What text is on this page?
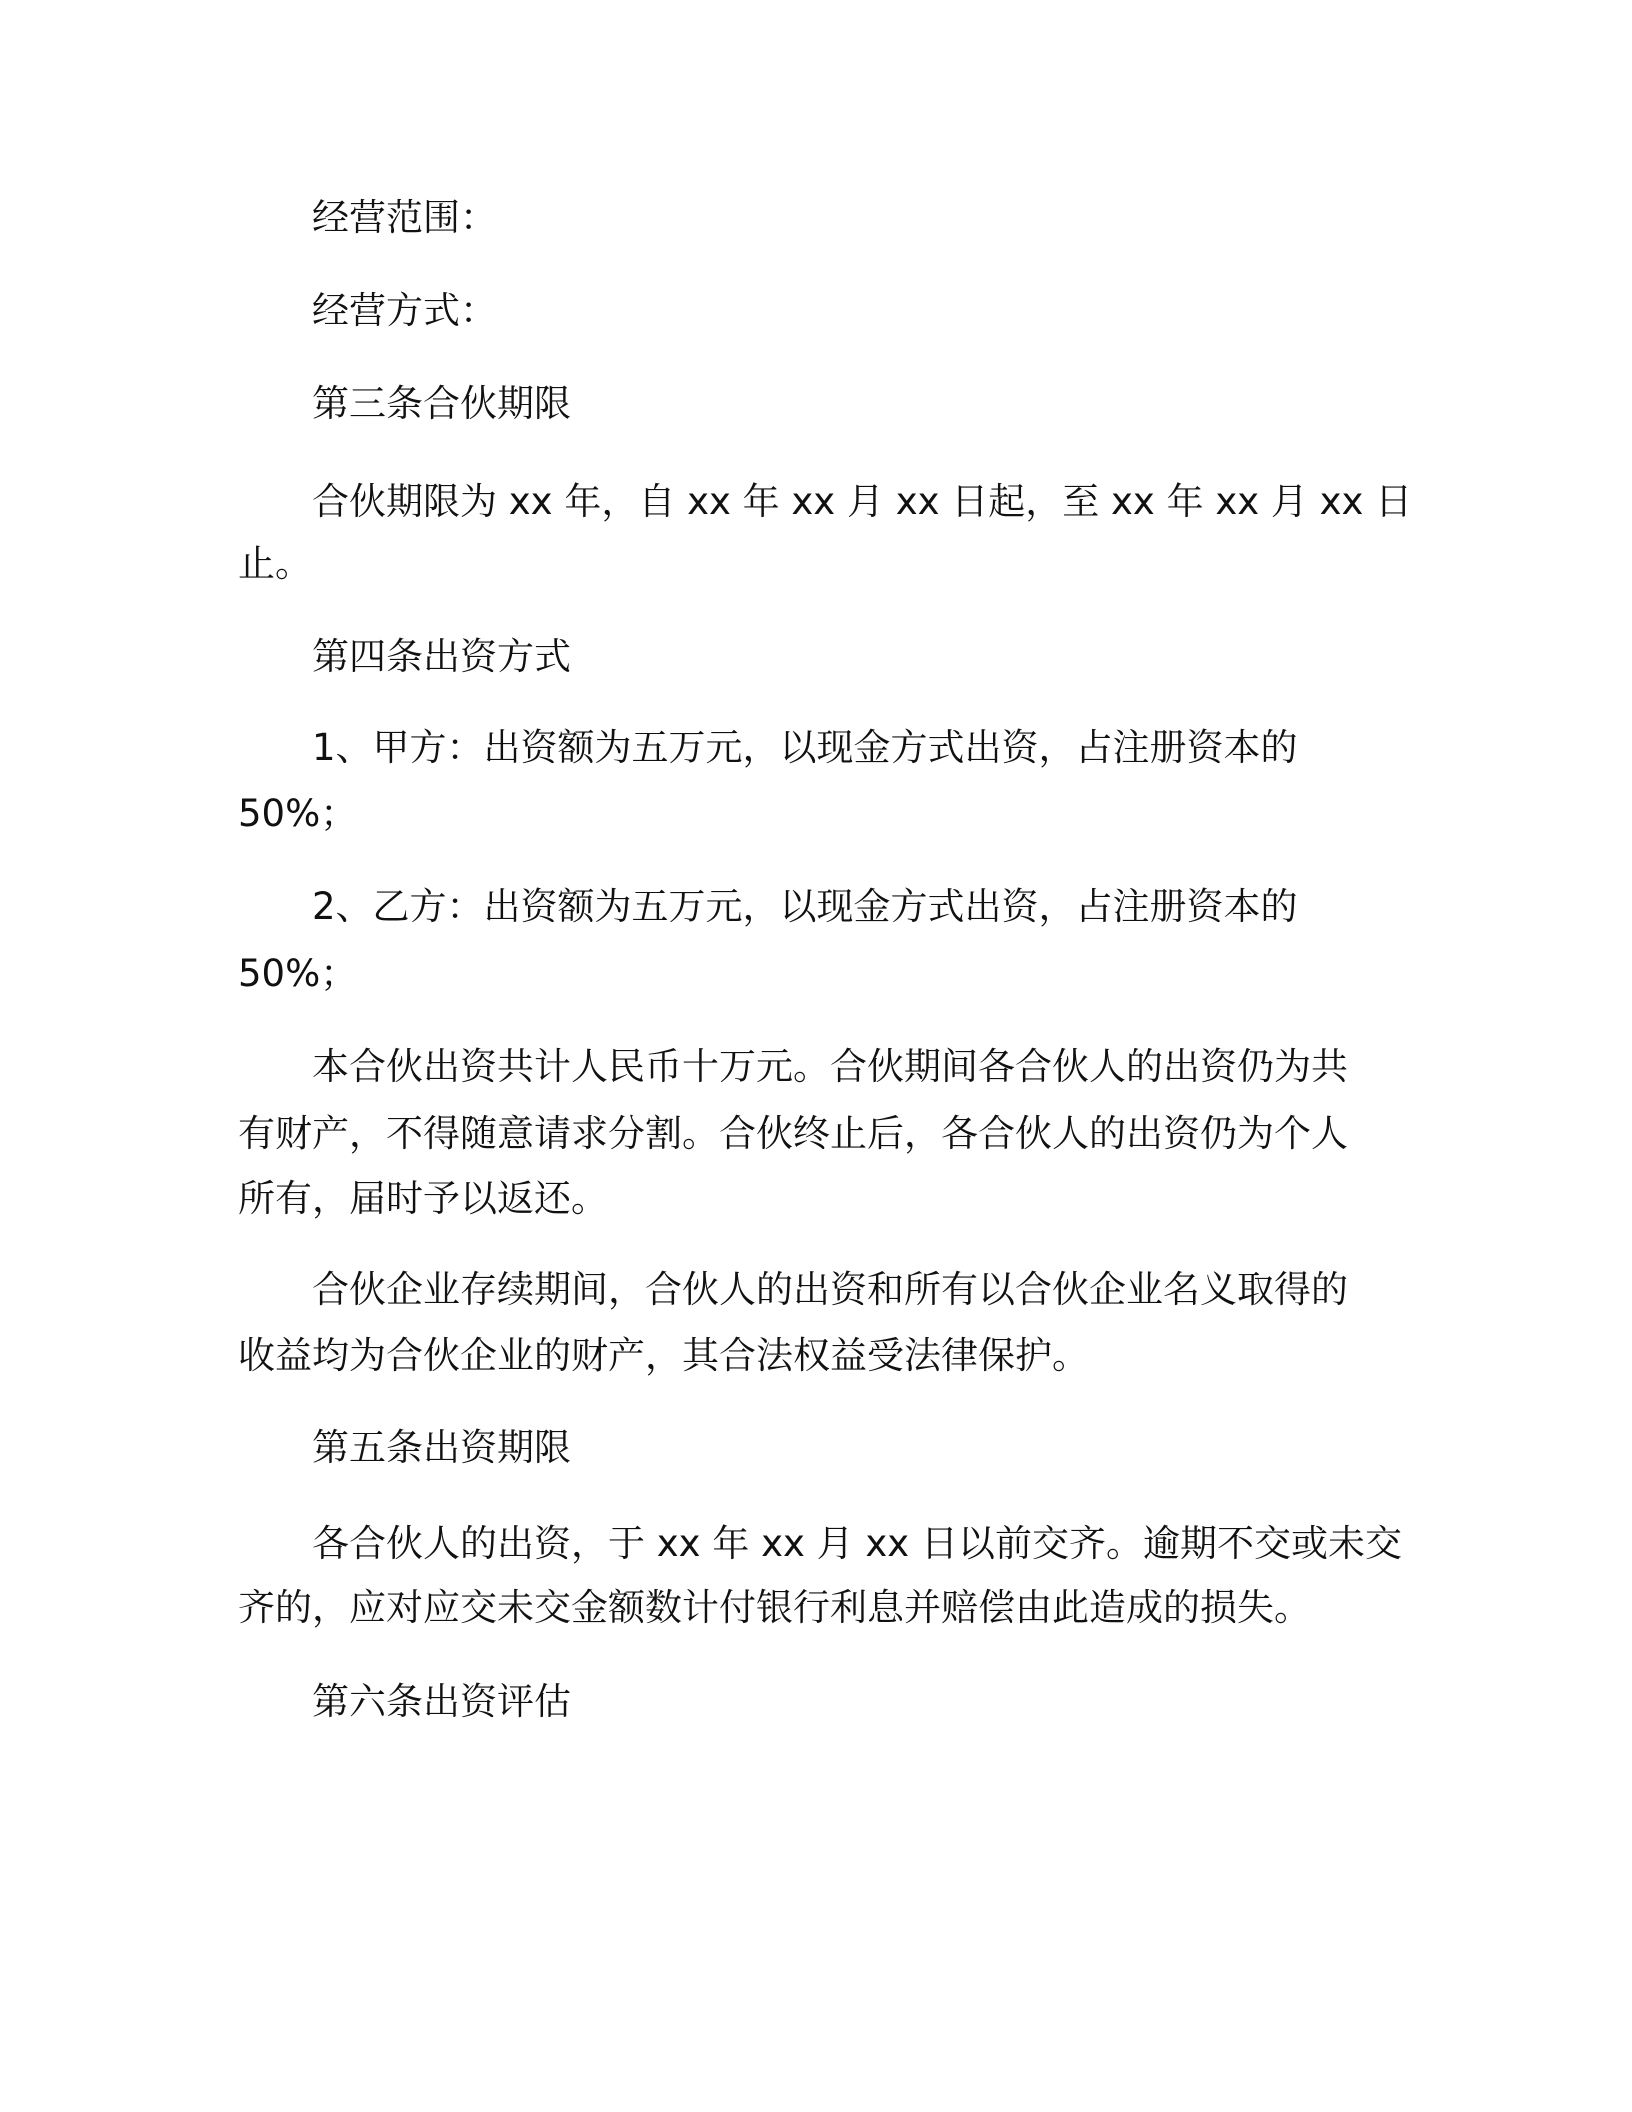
经营范围：
经营方式：
第三条合伙期限
合伙期限为 xx 年，自 xx 年 xx 月 xx 日起，至 xx 年 xx 月 xx 日
止。
第四条出资方式
1、甲方：出资额为五万元，以现金方式出资，占注册资本的
50%；
2、乙方：出资额为五万元，以现金方式出资，占注册资本的
50%；
本合伙出资共计人民币十万元。合伙期间各合伙人的出资仍为共
有财产，不得随意请求分割。合伙终止后，各合伙人的出资仍为个人
所有，届时予以返还。
合伙企业存续期间，合伙人的出资和所有以合伙企业名义取得的
收益均为合伙企业的财产，其合法权益受法律保护。
第五条出资期限
各合伙人的出资，于 xx 年 xx 月 xx 日以前交齐。逾期不交或未交
齐的，应对应交未交金额数计付银行利息并赔偿由此造成的损失。
第六条出资评估
